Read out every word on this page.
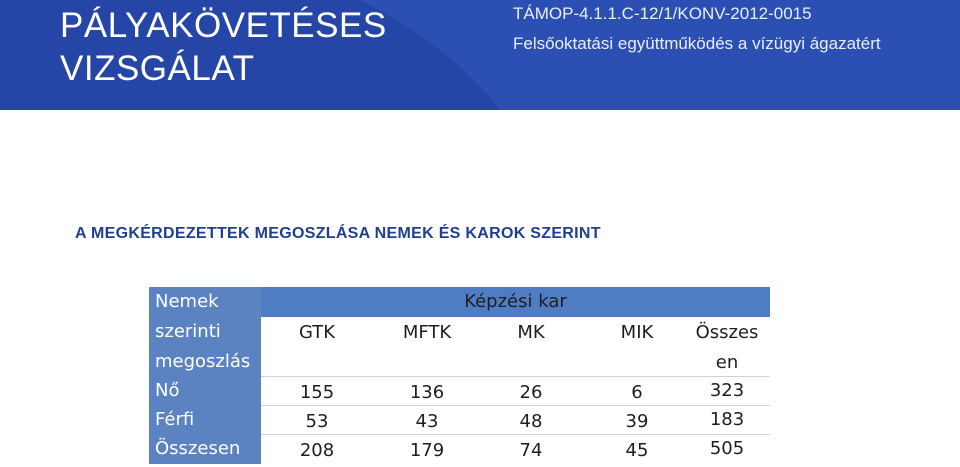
PÁLYAKÖVETÉSES
VIZSGÁLAT
TÁMOP-4.1.1.C-12/1/KONV-2012-0015
Felsőoktatási együttműködés a vízügyi ágazatért
A MEGKÉRDEZETTEK MEGOSZLÁSA NEMEK ÉS KAROK SZERINT
Nemek
szerinti
megoszlás
Képzési kar
GTK	MFTK	MK	MIK	Összes
en
Nő	155	136	26	6	323
Férfi	53	43	48	39	183
Összesen	208	179	74	45	505
